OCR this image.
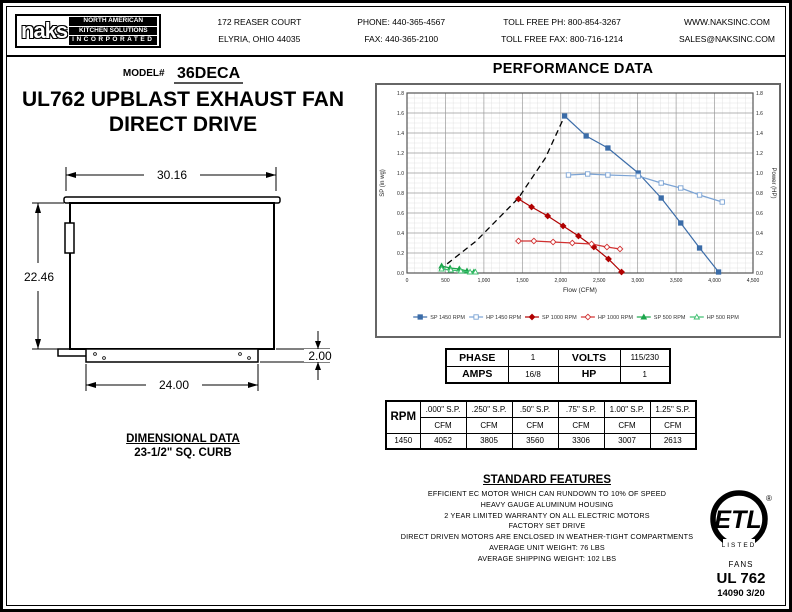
naks	NORTH AMERICAN
KITCHEN SOLUTIONS
INCORPORATED
172 REASER COURT
ELYRIA, OHIO 44035
PHONE: 440-365-4567
FAX: 440-365-2100
TOLL FREE PH: 800-854-3267
TOLL FREE FAX: 800-716-1214
WWW.NAKSINC.COM
SALES@NAKSINC.COM
MODEL# 36DECA
UL762 UPBLAST EXHAUST FAN
DIRECT DRIVE
30.16
22.46
24.00
2.00
DIMENSIONAL DATA
23-1/2" SQ. CURB
PERFORMANCE DATA
0	500	1,000	1,500	2,000	2,500	3,000	3,500	4,000	4,500
0.0	0.0
0.2	0.2
0.4	0.4
0.6	0.6
0.8	0.8
1.0	1.0
1.2	1.2
1.4	1.4
1.6	1.6
1.8	1.8
Flow (CFM)
SP (in wg)	Power (HP)
SP 1450 RPM	HP 1450 RPM	SP 1000 RPM	HP 1000 RPM	SP 500 RPM	HP 500 RPM
PHASE	1	VOLTS	115/230
AMPS	16/8	HP	1
RPM	.000" S.P.	.250" S.P.	.50" S.P.	.75" S.P.	1.00" S.P.	1.25" S.P.
	CFM	CFM	CFM	CFM	CFM	CFM
1450	4052	3805	3560	3306	3007	2613
STANDARD FEATURES
EFFICIENT EC MOTOR WHICH CAN RUNDOWN TO 10% OF SPEED
HEAVY GAUGE ALUMINUM HOUSING
2 YEAR LIMITED WARRANTY ON ALL ELECTRIC MOTORS
FACTORY SET DRIVE
DIRECT DRIVEN MOTORS ARE ENCLOSED IN WEATHER-TIGHT COMPARTMENTS
AVERAGE UNIT WEIGHT: 76 LBS
AVERAGE SHIPPING WEIGHT: 102 LBS
ETL
®
LISTED
FANS
UL 762
14090 3/20
